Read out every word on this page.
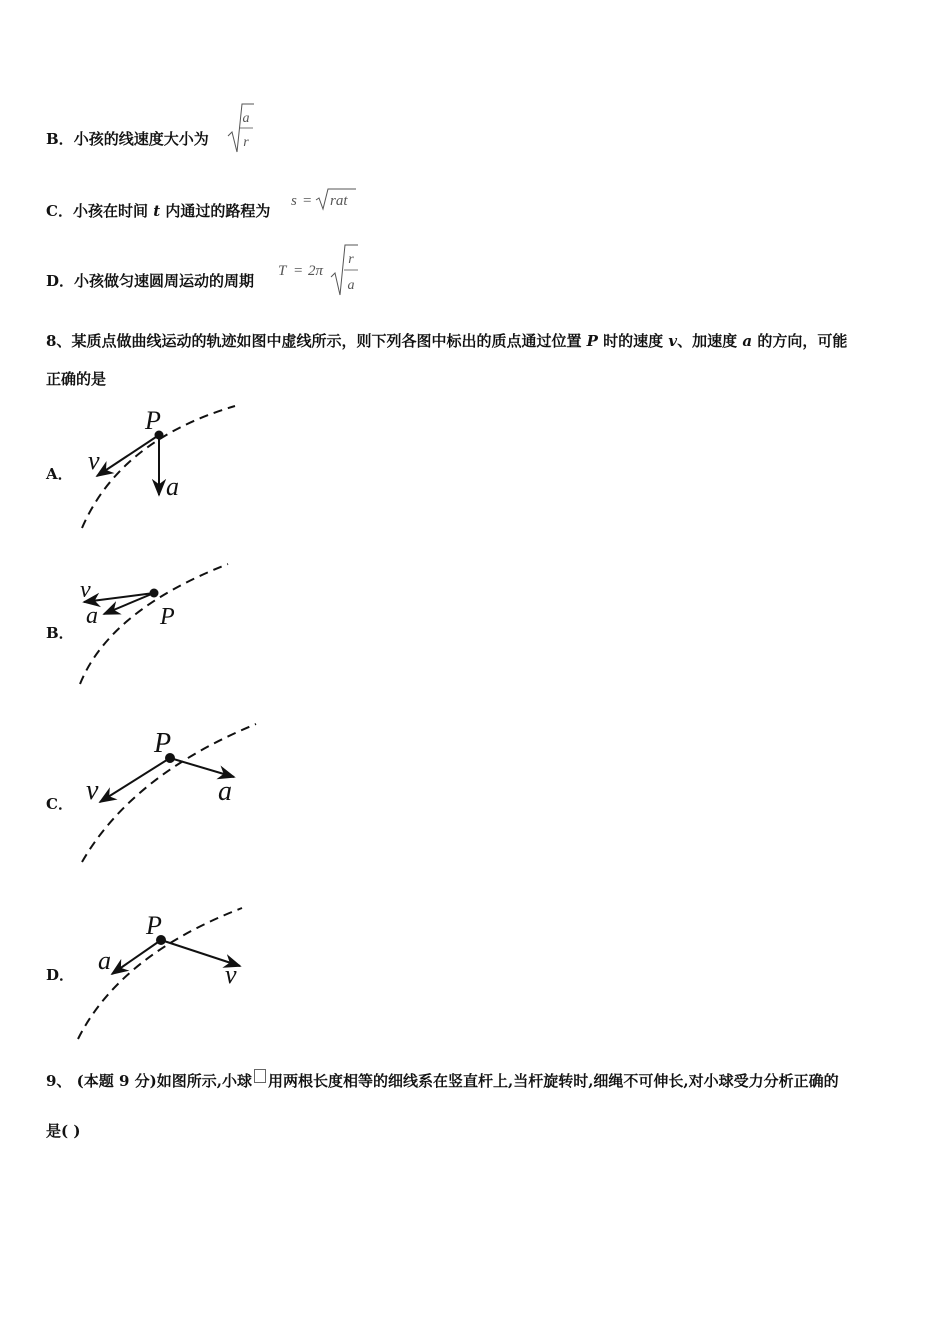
B．小孩的线速度大小为
a
r
C．小孩在时间 t 内通过的路程为
s = rat
D．小孩做匀速圆周运动的周期
T = 2π
r
a
8、某质点做曲线运动的轨迹如图中虚线所示，则下列各图中标出的质点通过位置 P 时的速度 v、加速度 a 的方向，可能
正确的是
A．
P
v
a
B．
v
a	P
C．
P
v	a
D．
P
a	v
9、 (本题 9 分)如图所示,小球 用两根长度相等的细线系在竖直杆上,当杆旋转时,细绳不可伸长,对小球受力分析正确的
是( )
